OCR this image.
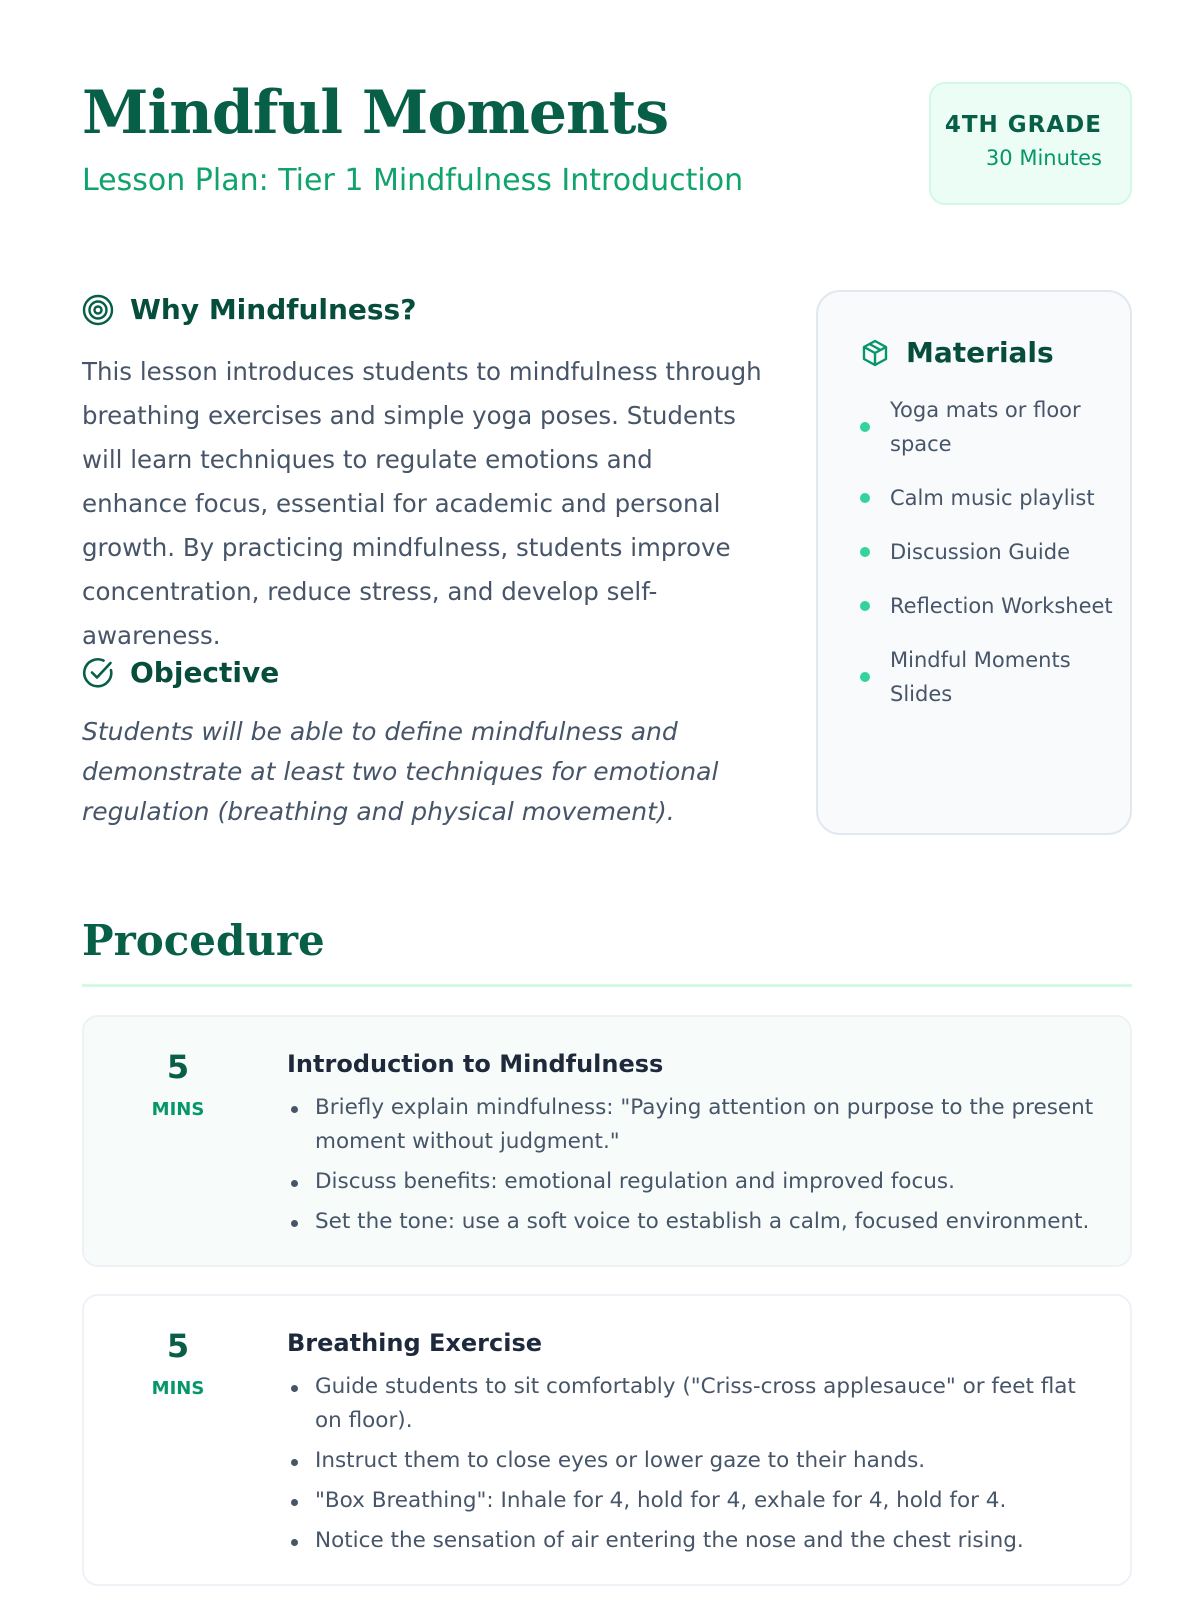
Mindful Moments
Lesson Plan: Tier 1 Mindfulness Introduction
4TH GRADE
30 Minutes
Why Mindfulness?

This lesson introduces students to mindfulness through breathing exercises and simple yoga poses. Students will learn techniques to regulate emotions and enhance focus, essential for academic and personal growth. By practicing mindfulness, students improve concentration, reduce stress, and develop self-awareness.

Objective

Students will be able to define mindfulness and demonstrate at least two techniques for emotional regulation (breathing and physical movement).

Materials
Yoga mats or floor space
Calm music playlist
Discussion Guide
Reflection Worksheet
Mindful Moments Slides
Procedure
5
MINS
Introduction to Mindfulness
Briefly explain mindfulness: "Paying attention on purpose to the present moment without judgment."
Discuss benefits: emotional regulation and improved focus.
Set the tone: use a soft voice to establish a calm, focused environment.
5
MINS
Breathing Exercise
Guide students to sit comfortably ("Criss-cross applesauce" or feet flat on floor).
Instruct them to close eyes or lower gaze to their hands.
"Box Breathing": Inhale for 4, hold for 4, exhale for 4, hold for 4.
Notice the sensation of air entering the nose and the chest rising.
